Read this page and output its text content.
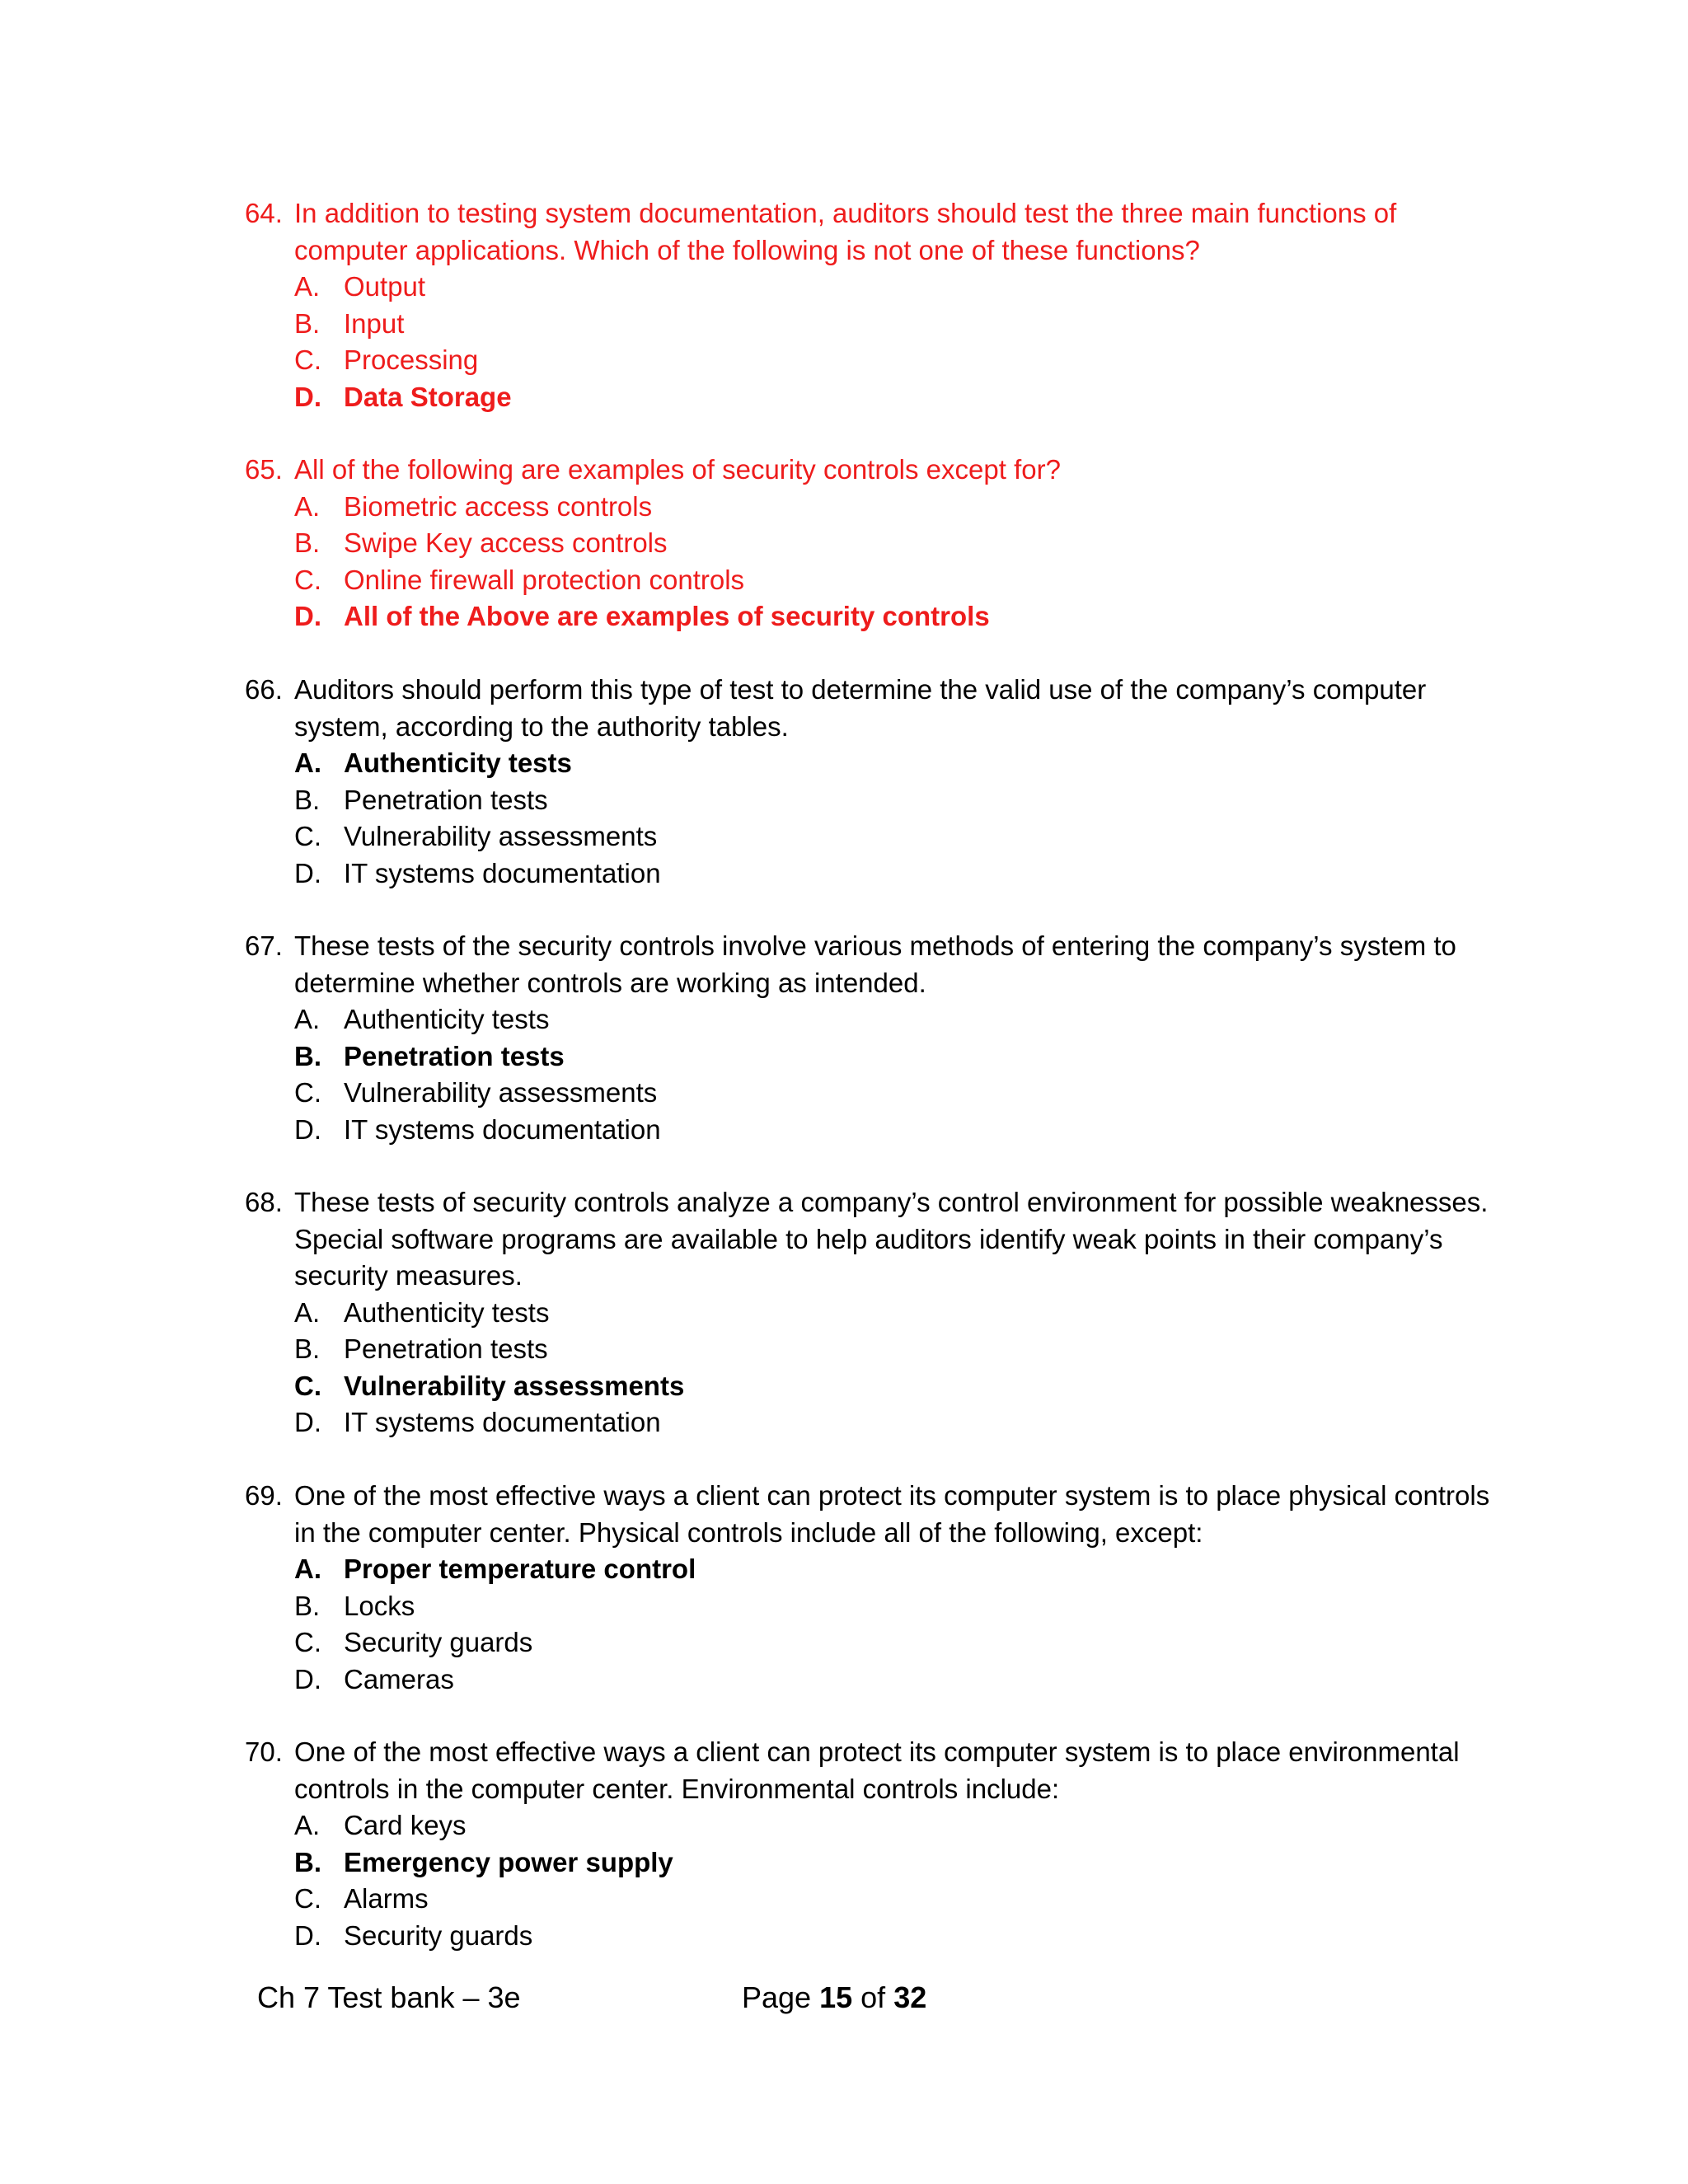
64. In addition to testing system documentation, auditors should test the three main functions of computer applications. Which of the following is not one of these functions?
A. Output
B. Input
C. Processing
D. Data Storage
65. All of the following are examples of security controls except for?
A. Biometric access controls
B. Swipe Key access controls
C. Online firewall protection controls
D. All of the Above are examples of security controls
66. Auditors should perform this type of test to determine the valid use of the company’s computer system, according to the authority tables.
A. Authenticity tests
B. Penetration tests
C. Vulnerability assessments
D. IT systems documentation
67. These tests of the security controls involve various methods of entering the company’s system to determine whether controls are working as intended.
A. Authenticity tests
B. Penetration tests
C. Vulnerability assessments
D. IT systems documentation
68. These tests of security controls analyze a company’s control environment for possible weaknesses. Special software programs are available to help auditors identify weak points in their company’s security measures.
A. Authenticity tests
B. Penetration tests
C. Vulnerability assessments
D. IT systems documentation
69. One of the most effective ways a client can protect its computer system is to place physical controls in the computer center. Physical controls include all of the following, except:
A. Proper temperature control
B. Locks
C. Security guards
D. Cameras
70. One of the most effective ways a client can protect its computer system is to place environmental controls in the computer center. Environmental controls include:
A. Card keys
B. Emergency power supply
C. Alarms
D. Security guards
Ch 7 Test bank – 3e	Page 15 of 32
